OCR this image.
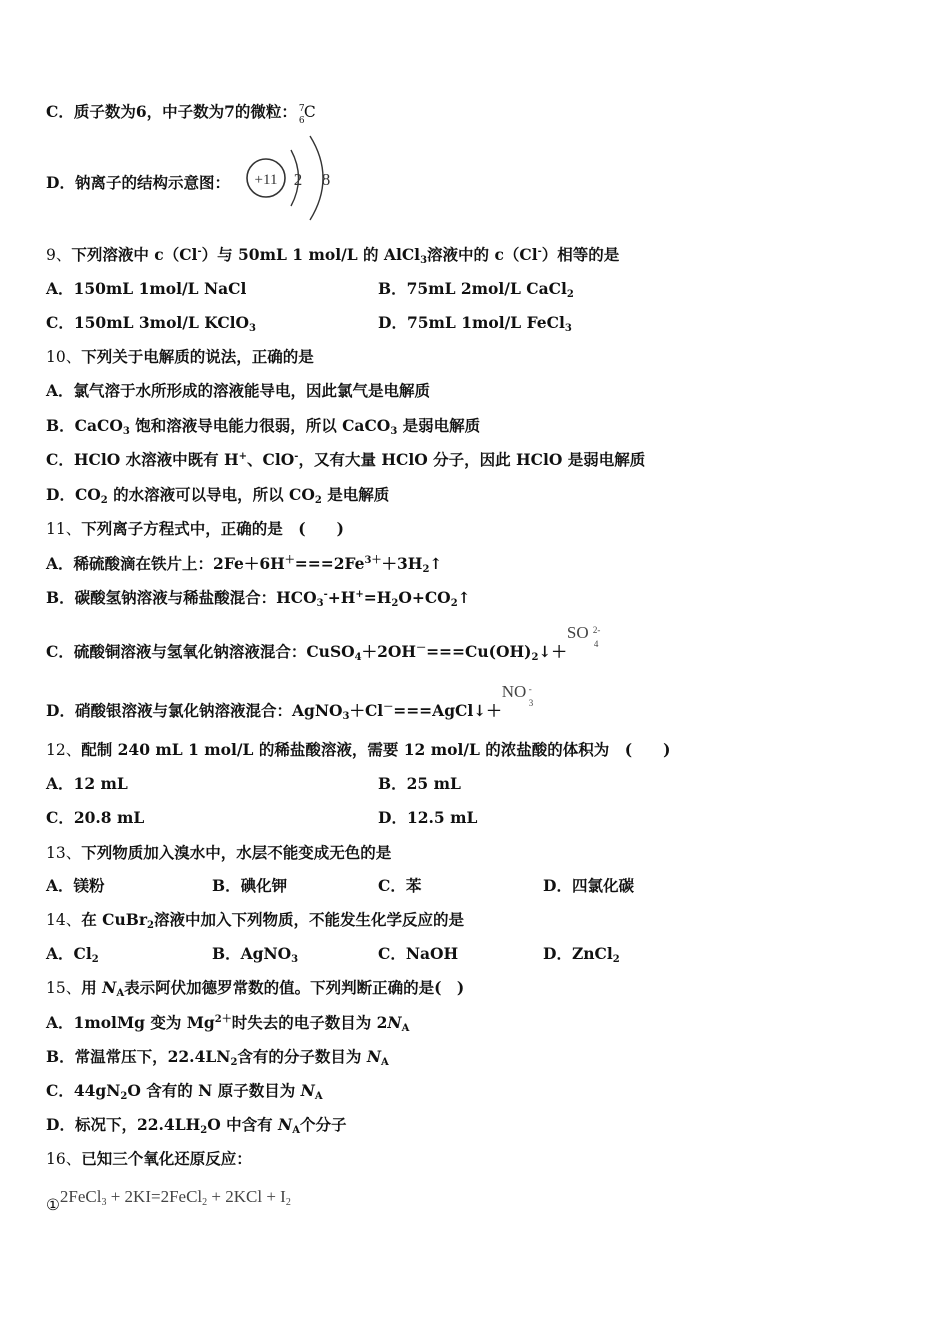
C．质子数为6，中子数为7的微粒： 7
6 C
D．钠离子的结构示意图： +11 2 8
9、下列溶液中 c（Cl-）与 50mL 1 mol/L 的 AlCl$_3$溶液中的 c（Cl-）相等的是
A．150mL 1mol/L NaCl	B．75mL 2mol/L CaCl$_2$
C．150mL 3mol/L KClO$_3$	D．75mL 1mol/L FeCl$_3$
10、下列关于电解质的说法，正确的是
A．氯气溶于水所形成的溶液能导电，因此氯气是电解质
B．CaCO$_3$ 饱和溶液导电能力很弱，所以 CaCO$_3$ 是弱电解质
C．HClO 水溶液中既有 H+、ClO-，又有大量 HClO 分子，因此 HClO 是弱电解质
D．$CO_2$ 的水溶液可以导电，所以 $CO_2$ 是电解质
11、下列离子方程式中，正确的是　(　　)
A．稀硫酸滴在铁片上：$2Fe+6H^+===2Fe^{3+}+3H_2↑$
B．碳酸氢钠溶液与稀盐酸混合：$HCO_3^-+H^+=H_2O+CO_2↑$
C．硫酸铜溶液与氢氧化钠溶液混合：$CuSO_4+2OH^-===Cu(OH)_2↓+$
SO 2-
4
D．硝酸银溶液与氯化钠溶液混合：AgNO$_3$＋Cl－===AgCl↓＋
NO -
3
12、配制 240 mL 1 mol/L 的稀盐酸溶液，需要 12 mol/L 的浓盐酸的体积为　(　　)
A．12 mL	B．25 mL
C．20.8 mL	D．12.5 mL
13、下列物质加入溴水中，水层不能变成无色的是
A．镁粉	B．碘化钾	C．苯	D．四氯化碳
14、在 CuBr$_2$溶液中加入下列物质，不能发生化学反应的是
A．$Cl_2$	B．AgNO$_3$	C．NaOH	D．ZnCl$_2$
15、用 $N_A$表示阿伏加德罗常数的值。下列判断正确的是(　)
A．1molMg 变为 $Mg^{2+}$时失去的电子数目为 $2N_A$
B．常温常压下，$22.4LN_2$含有的分子数目为 $N_A$
C．$44gN_2O$ 含有的 N 原子数目为 $N_A$
D．标况下，$22.4LH_2O$ 中含有 $N_A$个分子
16、已知三个氧化还原反应：
①2FeCl$_3$ + 2KI=2FeCl$_2$ + $2KCl + I_2$
